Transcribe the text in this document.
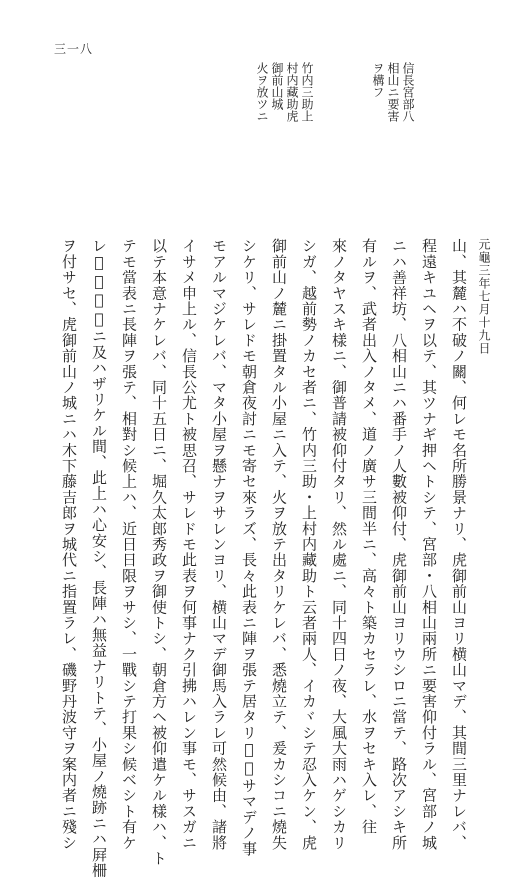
三一八
信長宮部八
相山ニ要害
ヲ構フ
竹内三助上
村内藏助虎
御前山城
火ヲ放ツニ
元龜三年七月十九日
山、其麓ハ不破ノ關、何レモ名所勝景ナリ、虎御前山ヨリ横山マデ、其間三里ナレバ、
程遠キユヘヲ以テ、其ツナギ押ヘトシテ、宮部・八相山兩所ニ要害仰付ラル、宮部ノ城
ニハ善祥坊、八相山ニハ番手ノ人數被仰付、虎御前山ヨリウシロニ當テ、路次アシキ所
有ルヲ、武者出入ノタメ、道ノ廣サ三間半ニ、高々ト築カセラレ、水ヲセキ入レ、往
來ノタヤスキ樣ニ、御普請被仰付タリ、然ル處ニ、同十四日ノ夜、大風大雨ハゲシカリ
シガ、越前勢ノカセ者ニ、竹内三助・上村内藏助ト云者兩人、イカヾシテ忍入ケン、虎
御前山ノ麓ニ掛置タル小屋ニ入テ、火ヲ放テ出タリケレバ、悉燒立テ、爰カシコニ燒失
シケリ、サレドモ朝倉夜討ニモ寄セ來ラズ、長々此表ニ陣ヲ張テ居タリ𪜈、サマデノ事
モアルマジケレバ、マタ小屋ヲ懸ナヲサレンヨリ、横山マデ御馬入ラレ可然候由、諸將
イサメ申上ル、信長公尤ト被思召、サレドモ此表ヲ何事ナク引拂ハレン事モ、サスガニ
以テ本意ナケレバ、同十五日ニ、堀久太郎秀政ヲ御使トシ、朝倉方ヘ被仰遣ケル樣ハ、ト
テモ當表ニ長陣ヲ張テ、相對シ候上ハ、近日日限ヲサシ、一戰シテ打果シ候ベシト有ケ
レ𪜈、反答ニ及ハザリケル間、此上ハ心安シ、長陣ハ無益ナリトテ、小屋ノ燒跡ニハ屛柵
ヲ付サセ、虎御前山ノ城ニハ木下藤吉郎ヲ城代ニ指置ラレ、磯野丹波守ヲ案内者ニ殘シ
